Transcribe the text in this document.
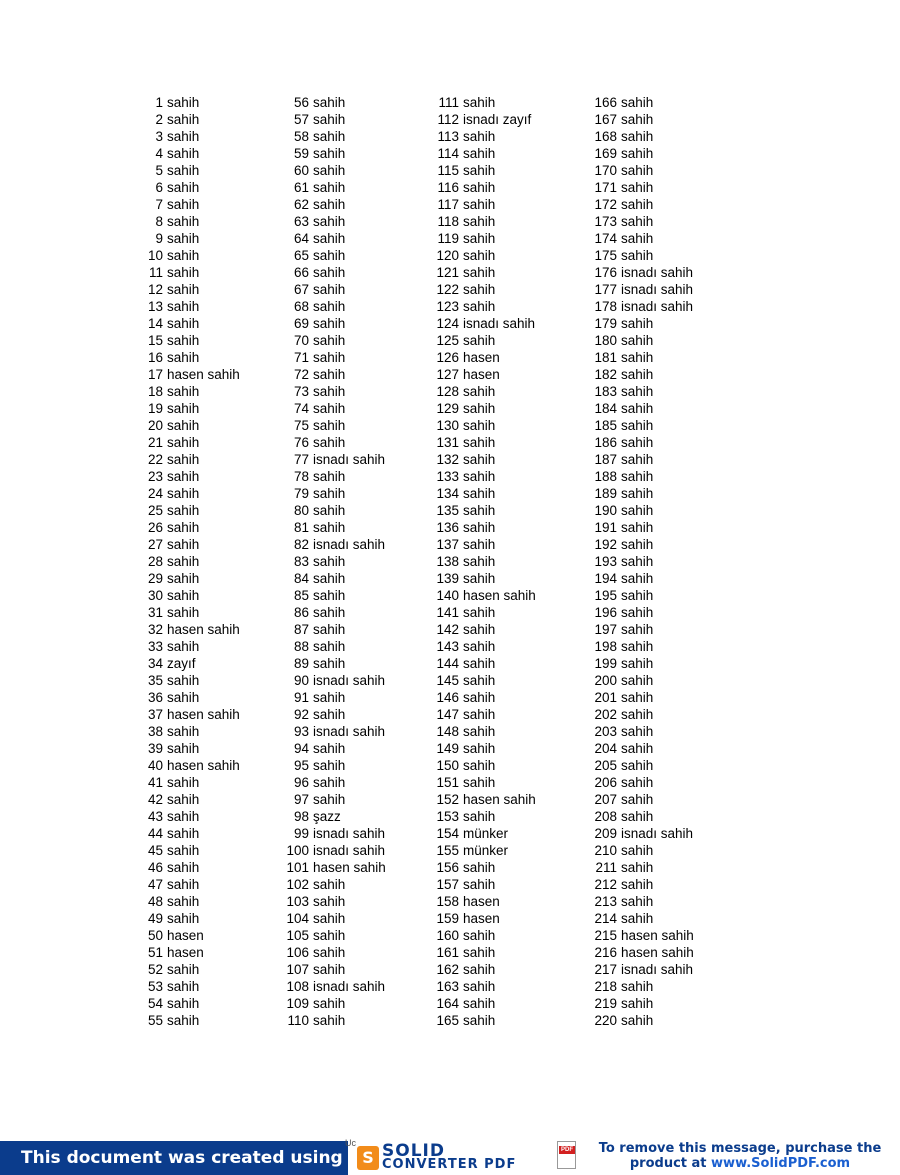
1 sahih
2 sahih
3 sahih
4 sahih
5 sahih
6 sahih
7 sahih
8 sahih
9 sahih
10 sahih
11 sahih
12 sahih
13 sahih
14 sahih
15 sahih
16 sahih
17 hasen sahih
18 sahih
19 sahih
20 sahih
21 sahih
22 sahih
23 sahih
24 sahih
25 sahih
26 sahih
27 sahih
28 sahih
29 sahih
30 sahih
31 sahih
32 hasen sahih
33 sahih
34 zayıf
35 sahih
36 sahih
37 hasen sahih
38 sahih
39 sahih
40 hasen sahih
41 sahih
42 sahih
43 sahih
44 sahih
45 sahih
46 sahih
47 sahih
48 sahih
49 sahih
50 hasen
51 hasen
52 sahih
53 sahih
54 sahih
55 sahih
56 sahih
57 sahih
58 sahih
59 sahih
60 sahih
61 sahih
62 sahih
63 sahih
64 sahih
65 sahih
66 sahih
67 sahih
68 sahih
69 sahih
70 sahih
71 sahih
72 sahih
73 sahih
74 sahih
75 sahih
76 sahih
77 isnadı sahih
78 sahih
79 sahih
80 sahih
81 sahih
82 isnadı sahih
83 sahih
84 sahih
85 sahih
86 sahih
87 sahih
88 sahih
89 sahih
90 isnadı sahih
91 sahih
92 sahih
93 isnadı sahih
94 sahih
95 sahih
96 sahih
97 sahih
98 şazz
99 isnadı sahih
100 isnadı sahih
101 hasen sahih
102 sahih
103 sahih
104 sahih
105 sahih
106 sahih
107 sahih
108 isnadı sahih
109 sahih
110 sahih
111 sahih
112 isnadı zayıf
113 sahih
114 sahih
115 sahih
116 sahih
117 sahih
118 sahih
119 sahih
120 sahih
121 sahih
122 sahih
123 sahih
124 isnadı sahih
125 sahih
126 hasen
127 hasen
128 sahih
129 sahih
130 sahih
131 sahih
132 sahih
133 sahih
134 sahih
135 sahih
136 sahih
137 sahih
138 sahih
139 sahih
140 hasen sahih
141 sahih
142 sahih
143 sahih
144 sahih
145 sahih
146 sahih
147 sahih
148 sahih
149 sahih
150 sahih
151 sahih
152 hasen sahih
153 sahih
154 münker
155 münker
156 sahih
157 sahih
158 hasen
159 hasen
160 sahih
161 sahih
162 sahih
163 sahih
164 sahih
165 sahih
166 sahih
167 sahih
168 sahih
169 sahih
170 sahih
171 sahih
172 sahih
173 sahih
174 sahih
175 sahih
176 isnadı sahih
177 isnadı sahih
178 isnadı sahih
179 sahih
180 sahih
181 sahih
182 sahih
183 sahih
184 sahih
185 sahih
186 sahih
187 sahih
188 sahih
189 sahih
190 sahih
191 sahih
192 sahih
193 sahih
194 sahih
195 sahih
196 sahih
197 sahih
198 sahih
199 sahih
200 sahih
201 sahih
202 sahih
203 sahih
204 sahih
205 sahih
206 sahih
207 sahih
208 sahih
209 isnadı sahih
210 sahih
211 sahih
212 sahih
213 sahih
214 sahih
215 hasen sahih
216 hasen sahih
217 isnadı sahih
218 sahih
219 sahih
220 sahih
This document was created using
Uc
S SOLID
CONVERTER PDF
PDF To remove this message, purchase the
product at www.SolidPDF.com
